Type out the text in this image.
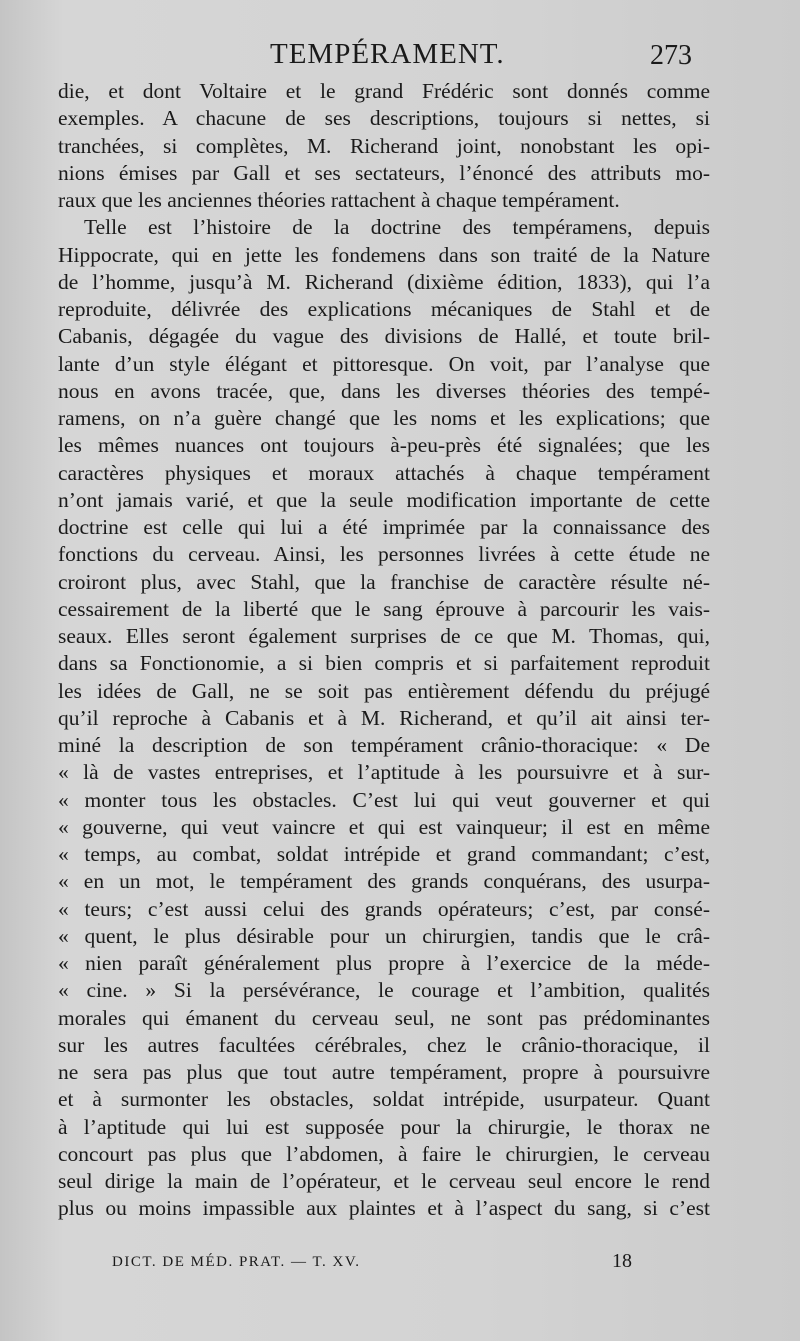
TEMPÉRAMENT.	273
die, et dont Voltaire et le grand Frédéric sont donnés comme
exemples. A chacune de ses descriptions, toujours si nettes, si
tranchées, si complètes, M. Richerand joint, nonobstant les opi-
nions émises par Gall et ses sectateurs, l’énoncé des attributs mo-
raux que les anciennes théories rattachent à chaque tempérament.
Telle est l’histoire de la doctrine des tempéramens, depuis
Hippocrate, qui en jette les fondemens dans son traité de la Nature
de l’homme, jusqu’à M. Richerand (dixième édition, 1833), qui l’a
reproduite, délivrée des explications mécaniques de Stahl et de
Cabanis, dégagée du vague des divisions de Hallé, et toute bril-
lante d’un style élégant et pittoresque. On voit, par l’analyse que
nous en avons tracée, que, dans les diverses théories des tempé-
ramens, on n’a guère changé que les noms et les explications; que
les mêmes nuances ont toujours à-peu-près été signalées; que les
caractères physiques et moraux attachés à chaque tempérament
n’ont jamais varié, et que la seule modification importante de cette
doctrine est celle qui lui a été imprimée par la connaissance des
fonctions du cerveau. Ainsi, les personnes livrées à cette étude ne
croiront plus, avec Stahl, que la franchise de caractère résulte né-
cessairement de la liberté que le sang éprouve à parcourir les vais-
seaux. Elles seront également surprises de ce que M. Thomas, qui,
dans sa Fonctionomie, a si bien compris et si parfaitement reproduit
les idées de Gall, ne se soit pas entièrement défendu du préjugé
qu’il reproche à Cabanis et à M. Richerand, et qu’il ait ainsi ter-
miné la description de son tempérament crânio-thoracique: « De
« là de vastes entreprises, et l’aptitude à les poursuivre et à sur-
« monter tous les obstacles. C’est lui qui veut gouverner et qui
« gouverne, qui veut vaincre et qui est vainqueur; il est en même
« temps, au combat, soldat intrépide et grand commandant; c’est,
« en un mot, le tempérament des grands conquérans, des usurpa-
« teurs; c’est aussi celui des grands opérateurs; c’est, par consé-
« quent, le plus désirable pour un chirurgien, tandis que le crâ-
« nien paraît généralement plus propre à l’exercice de la méde-
« cine. » Si la persévérance, le courage et l’ambition, qualités
morales qui émanent du cerveau seul, ne sont pas prédominantes
sur les autres facultées cérébrales, chez le crânio-thoracique, il
ne sera pas plus que tout autre tempérament, propre à poursuivre
et à surmonter les obstacles, soldat intrépide, usurpateur. Quant
à l’aptitude qui lui est supposée pour la chirurgie, le thorax ne
concourt pas plus que l’abdomen, à faire le chirurgien, le cerveau
seul dirige la main de l’opérateur, et le cerveau seul encore le rend
plus ou moins impassible aux plaintes et à l’aspect du sang, si c’est
DICT. DE MÉD. PRAT. — T. XV.	18
